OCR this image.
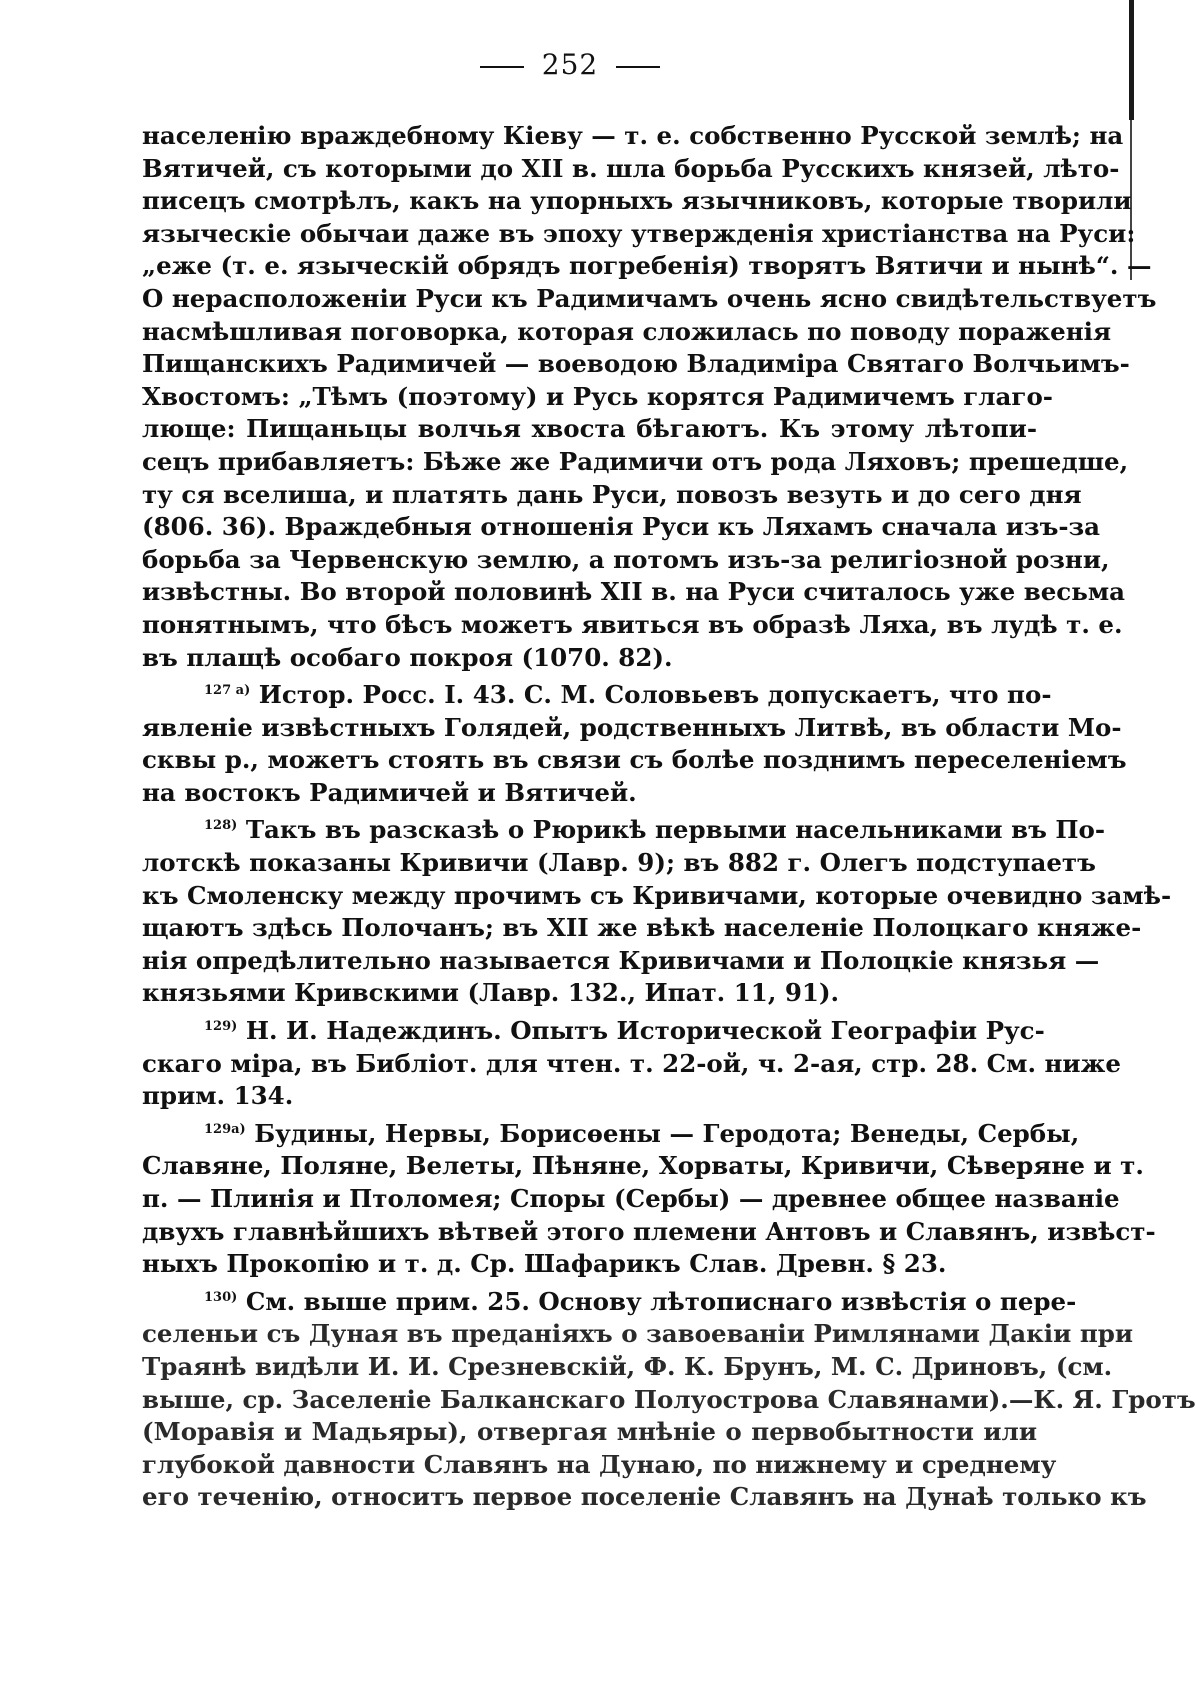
252
населенію враждебному Кіеву — т. е. собственно Русской землѣ; на
Вятичей, съ которыми до XII в. шла борьба Русскихъ князей, лѣто-
писецъ смотрѣлъ, какъ на упорныхъ язычниковъ, которые творили
языческіе обычаи даже въ эпоху утвержденія христіанства на Руси:
„еже (т. е. языческій обрядъ погребенія) творятъ Вятичи и нынѣ“. —
О нерасположеніи Руси къ Радимичамъ очень ясно свидѣтельствуетъ
насмѣшливая поговорка, которая сложилась по поводу пораженія
Пищанскихъ Радимичей — воеводою Владиміра Святаго Волчьимъ-
Хвостомъ: „Тѣмъ (поэтому) и Русь корятся Радимичемъ глаго-
люще: Пищаньцы волчья хвоста бѣгаютъ. Къ этому лѣтопи-
сецъ прибавляетъ: Бѣже же Радимичи отъ рода Ляховъ; прешедше,
ту ся вселиша, и платять дань Руси, повозъ везуть и до сего дня
(806. 36). Враждебныя отношенія Руси къ Ляхамъ сначала изъ-за
борьба за Червенскую землю, а потомъ изъ-за религіозной розни,
извѣстны. Во второй половинѣ XII в. на Руси считалось уже весьма
понятнымъ, что бѣсъ можетъ явиться въ образѣ Ляха, въ лудѣ т. е.
въ плащѣ особаго покроя (1070. 82).
$^{127 а)}$ Истор. Росс. I. 43. С. М. Соловьевъ допускаетъ, что по-
явленіе извѣстныхъ Голядей, родственныхъ Литвѣ, въ области Мо-
сквы р., можетъ стоять въ связи съ болѣе позднимъ переселеніемъ
на востокъ Радимичей и Вятичей.
$^{128)}$ Такъ въ разсказѣ о Рюрикѣ первыми насельниками въ По-
лотскѣ показаны Кривичи (Лавр. 9); въ 882 г. Олегъ подступаетъ
къ Смоленску между прочимъ съ Кривичами, которые очевидно замѣ-
щаютъ здѣсь Полочанъ; въ XII же вѣкѣ населеніе Полоцкаго княже-
нія опредѣлительно называется Кривичами и Полоцкіе князья —
князьями Кривскими (Лавр. 132., Ипат. 11, 91).
$^{129)}$ Н. И. Надеждинъ. Опытъ Исторической Географіи Рус-
скаго міра, въ Библіот. для чтен. т. 22-ой, ч. 2-ая, стр. 28. См. ниже
прим. 134.
$^{129а)}$ Будины, Нервы, Борисѳены — Геродота; Венеды, Сербы,
Славяне, Поляне, Велеты, Пѣняне, Хорваты, Кривичи, Сѣверяне и т.
п. — Плинія и Птоломея; Споры (Сербы) — древнее общее названіе
двухъ главнѣйшихъ вѣтвей этого племени Антовъ и Славянъ, извѣст-
ныхъ Прокопію и т. д. Ср. Шафарикъ Слав. Древн. § 23.
$^{130)}$ См. выше прим. 25. Основу лѣтописнаго извѣстія о пере-
селеньи съ Дуная въ преданіяхъ о завоеваніи Римлянами Дакіи при
Траянѣ видѣли И. И. Срезневскій, Ф. К. Брунъ, М. С. Дриновъ, (см.
выше, ср. Заселеніе Балканскаго Полуострова Славянами).—К. Я. Гротъ
(Моравія и Мадьяры), отвергая мнѣніе о первобытности или
глубокой давности Славянъ на Дунаю, по нижнему и среднему
его теченію, относитъ первое поселеніе Славянъ на Дунаѣ только къ
